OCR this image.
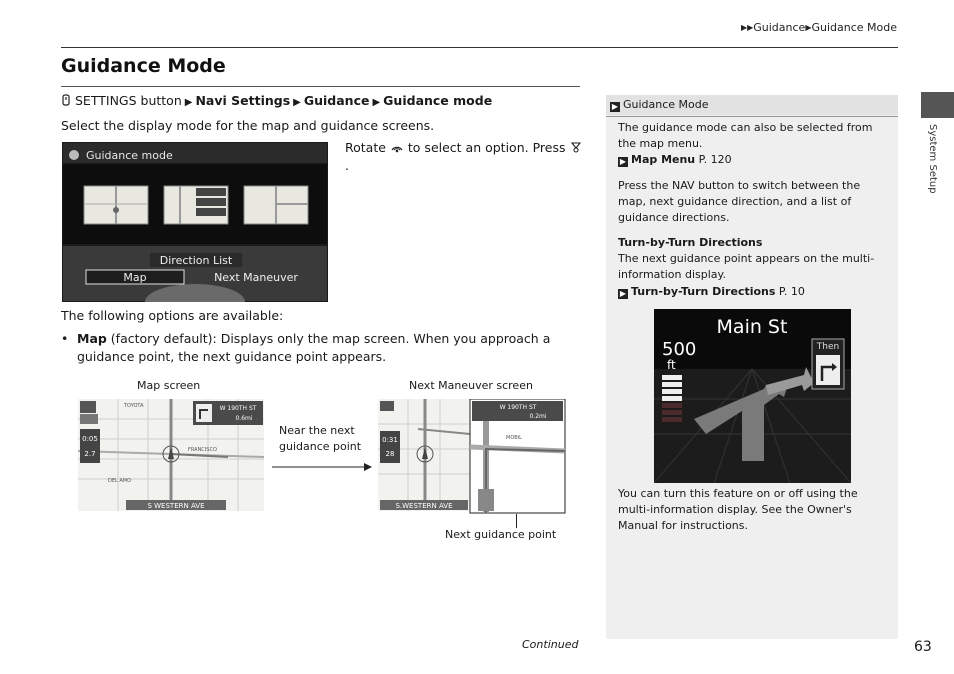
▶▶Guidance▶Guidance Mode
Guidance Mode
SETTINGS button ▶ Navi Settings ▶ Guidance ▶ Guidance mode
Select the display mode for the map and guidance screens.
Guidance mode
Direction List
Map	Next Maneuver
Rotate to select an option. Press .
The following options are available:
• Map (factory default): Displays only the map screen. When you approach a guidance point, the next guidance point appears.
Map screen	Next Maneuver screen
Near the next
guidance point
Next guidance point
0:05
2.7
W 190TH ST
0.6mi
TOYOTA
FRANCISCO
DEL AMO
S WESTERN AVE
0:31
28
S.WESTERN AVE
W 190TH ST
0.2mi
MOBIL
▶ Guidance Mode
The guidance mode can also be selected from the map menu.
▶ Map Menu P. 120
Press the NAV button to switch between the map, next guidance direction, and a list of guidance directions.
Turn-by-Turn Directions
The next guidance point appears on the multi-information display.
▶ Turn-by-Turn Directions P. 10
Main St
500
ft
Then
You can turn this feature on or off using the multi-information display. See the Owner's Manual for instructions.
System Setup
Continued	63
